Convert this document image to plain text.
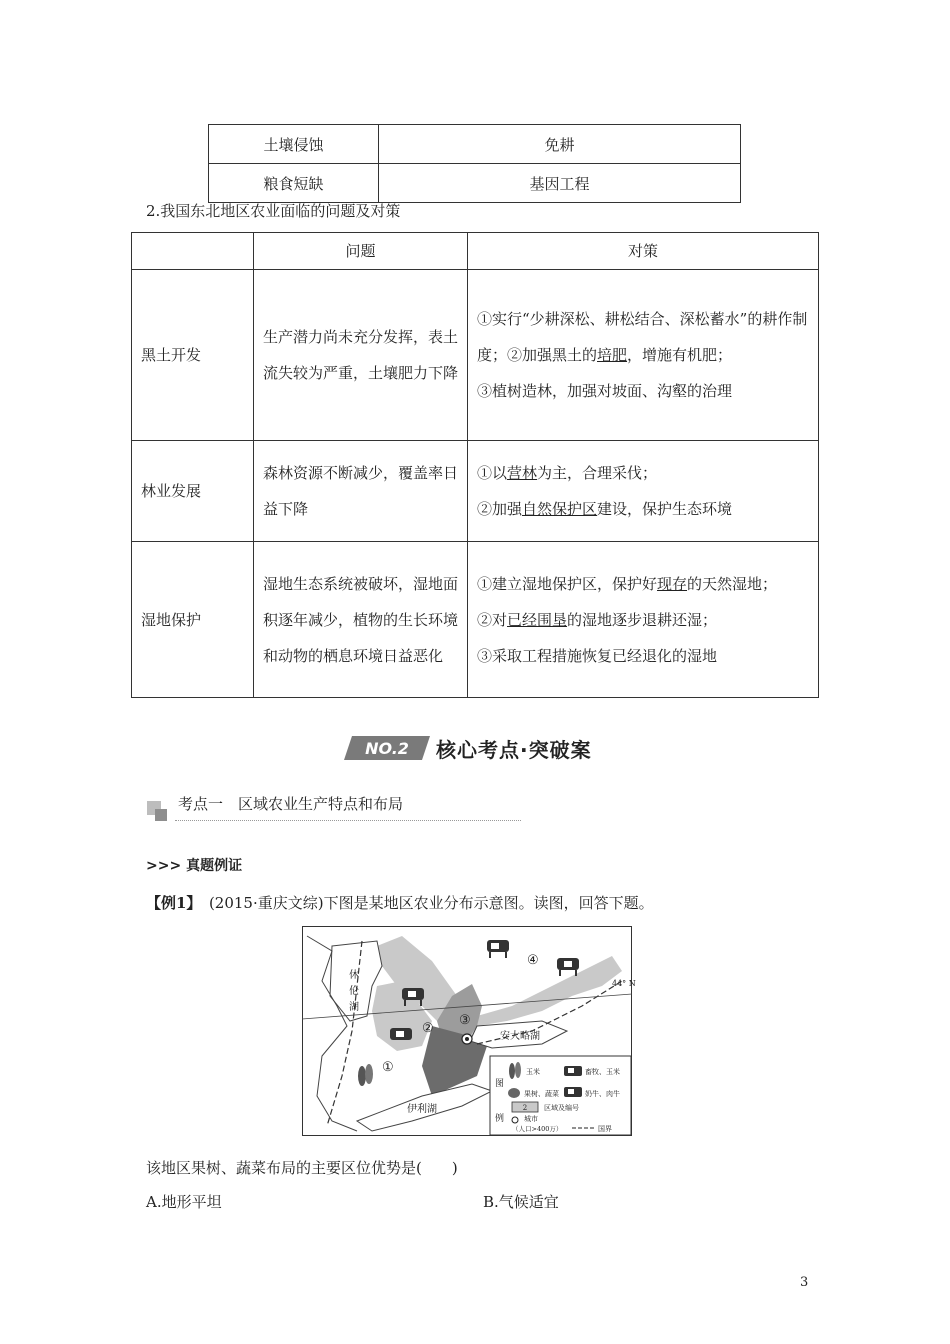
土壤侵蚀	免耕
粮食短缺	基因工程
2.我国东北地区农业面临的问题及对策
	问题	对策
黑土开发	生产潜力尚未充分发挥，表土流失较为严重，土壤肥力下降	①实行“少耕深松、耕松结合、深松蓄水”的耕作制度；②加强黑土的培肥，增施有机肥；
③植树造林，加强对坡面、沟壑的治理

林业发展	森林资源不断减少，覆盖率日益下降	①以营林为主，合理采伐；
②加强自然保护区建设，保护生态环境

湿地保护	湿地生态系统被破坏，湿地面积逐年减少，植物的生长环境和动物的栖息环境日益恶化	①建立湿地保护区，保护好现存的天然湿地；
②对已经围垦的湿地逐步退耕还湿；
③采取工程措施恢复已经退化的湿地
NO.2 核心考点·突破案
考点一　区域农业生产特点和布局
>>> 真题例证
【例1】　(2015·重庆文综)下图是某地区农业分布示意图。读图，回答下题。
44° N
休
伦
湖
安大略湖
伊利湖
①
②
③
④
图
例
玉米	畜牧、玉米
果树、蔬菜	奶牛、肉牛
2 区域及编号
城市
（人口>400万）	国界
该地区果树、蔬菜布局的主要区位优势是(　　)
A.地形平坦	B.气候适宜
3
